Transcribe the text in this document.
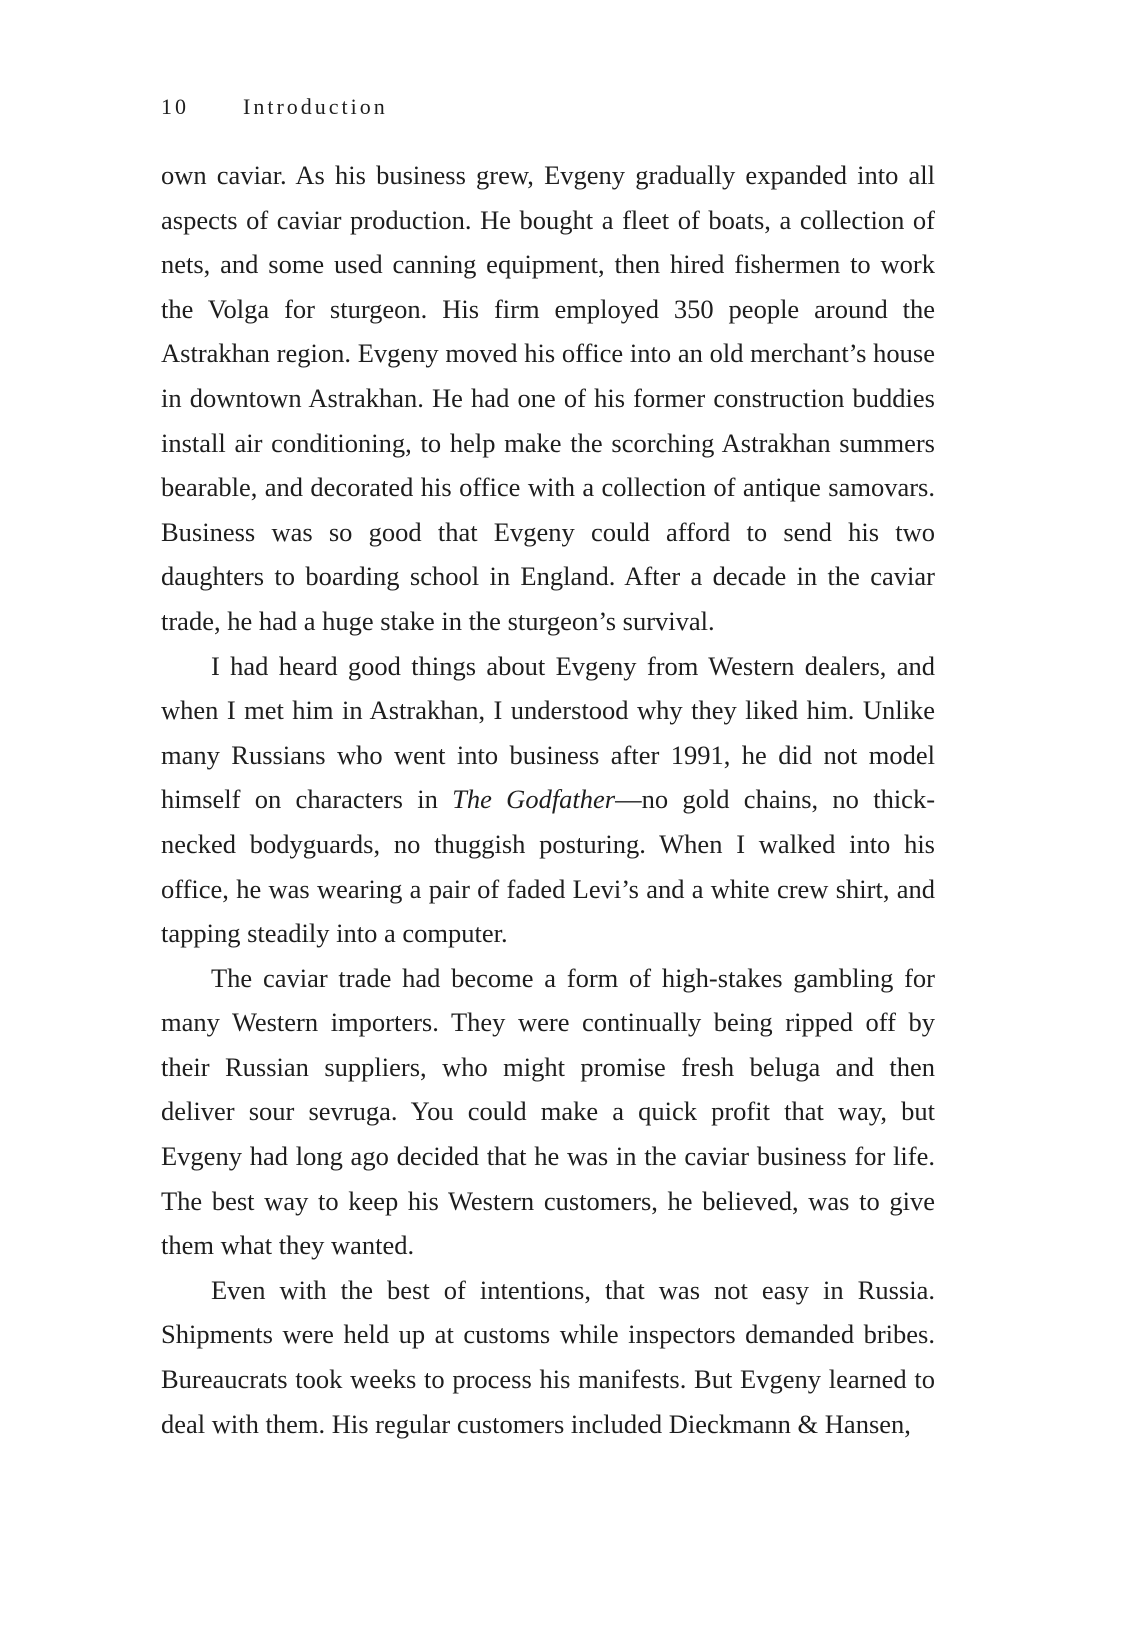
10	Introduction

own caviar. As his business grew, Evgeny gradually expanded into all aspects of caviar production. He bought a fleet of boats, a collection of nets, and some used canning equipment, then hired fishermen to work the Volga for sturgeon. His firm employed 350 people around the Astrakhan region. Evgeny moved his office into an old merchant’s house in downtown Astrakhan. He had one of his former construction buddies install air conditioning, to help make the scorching Astrakhan summers bearable, and decorated his office with a collection of antique samovars. Business was so good that Evgeny could afford to send his two daughters to boarding school in England. After a decade in the caviar trade, he had a huge stake in the sturgeon’s survival.

I had heard good things about Evgeny from Western dealers, and when I met him in Astrakhan, I understood why they liked him. Unlike many Russians who went into business after 1991, he did not model himself on characters in The Godfather—no gold chains, no thick-necked bodyguards, no thuggish posturing. When I walked into his office, he was wearing a pair of faded Levi’s and a white crew shirt, and tapping steadily into a computer.

The caviar trade had become a form of high-stakes gambling for many Western importers. They were continually being ripped off by their Russian suppliers, who might promise fresh beluga and then deliver sour sevruga. You could make a quick profit that way, but Evgeny had long ago decided that he was in the caviar business for life. The best way to keep his Western customers, he believed, was to give them what they wanted.

Even with the best of intentions, that was not easy in Russia. Shipments were held up at customs while inspectors demanded bribes. Bureaucrats took weeks to process his manifests. But Evgeny learned to deal with them. His regular customers included Dieckmann & Hansen,
